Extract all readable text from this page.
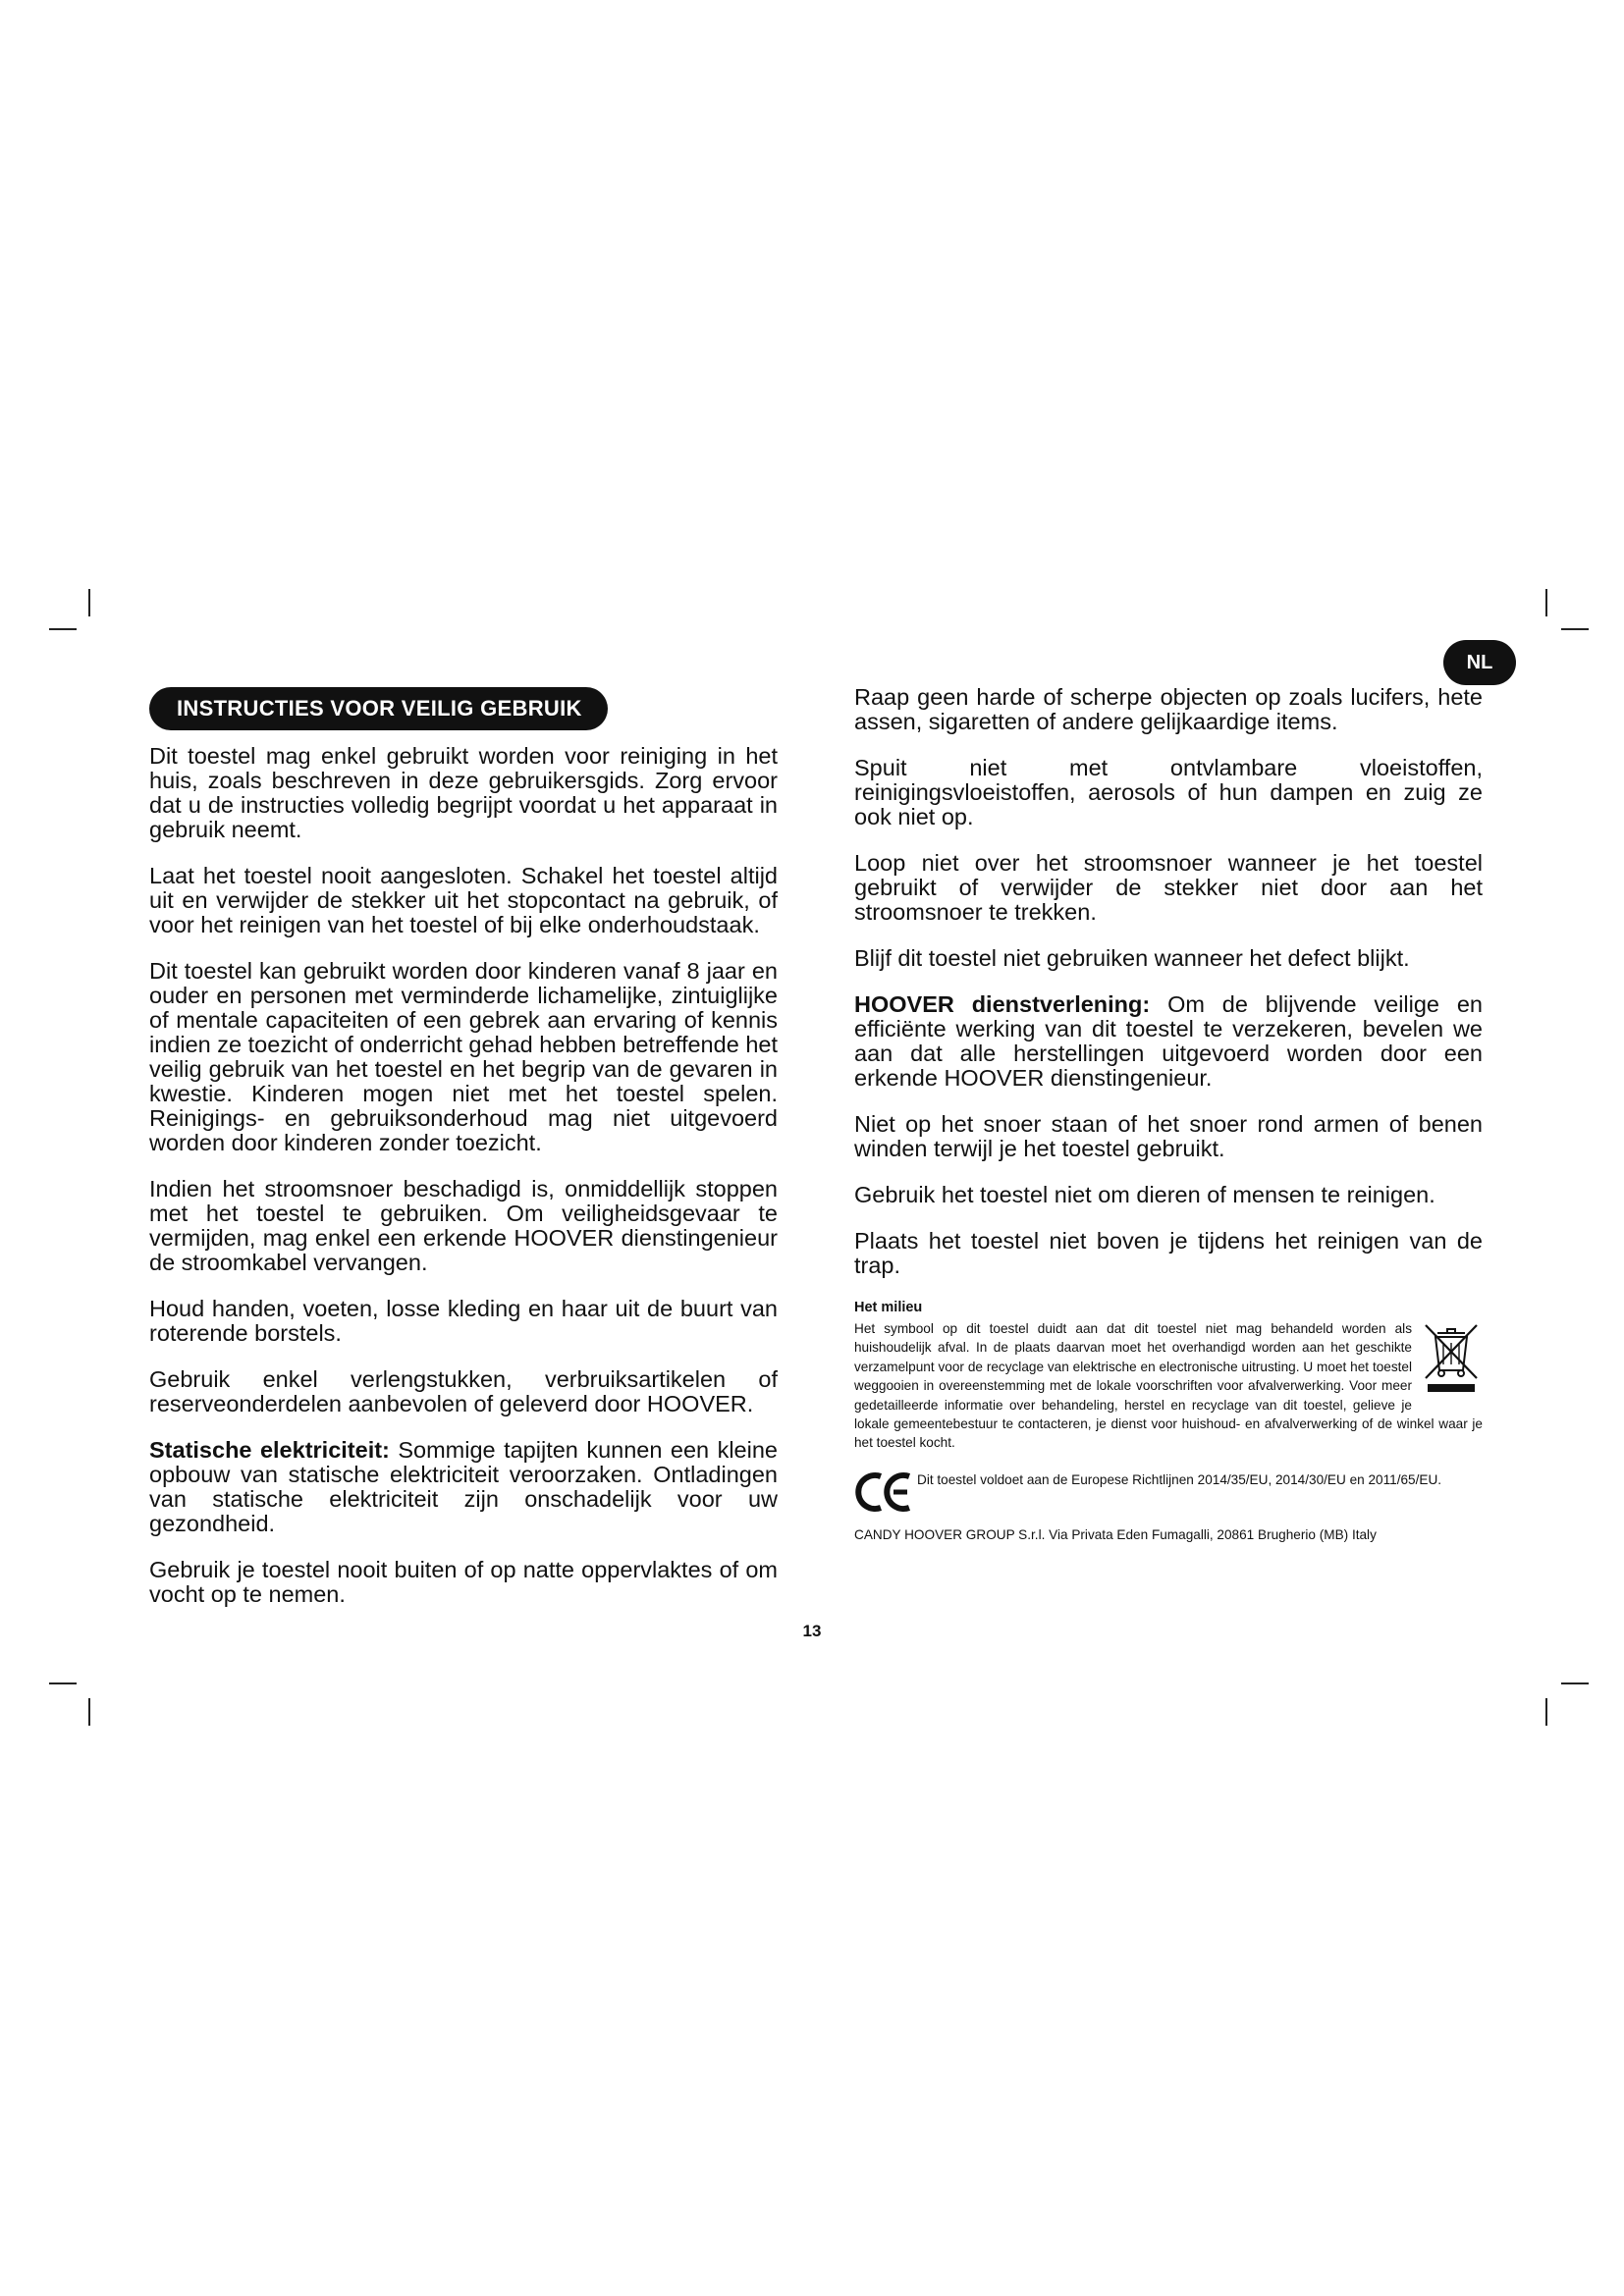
NL
INSTRUCTIES VOOR VEILIG GEBRUIK

Dit toestel mag enkel gebruikt worden voor reiniging in het huis, zoals beschreven in deze gebruikersgids. Zorg ervoor dat u de instructies volledig begrijpt voordat u het apparaat in gebruik neemt.

Laat het toestel nooit aangesloten. Schakel het toestel altijd uit en verwijder de stekker uit het stopcontact na gebruik, of voor het reinigen van het toestel of bij elke onderhoudstaak.

Dit toestel kan gebruikt worden door kinderen vanaf 8 jaar en ouder en personen met verminderde lichamelijke, zintuiglijke of mentale capaciteiten of een gebrek aan ervaring of kennis indien ze toezicht of onderricht gehad hebben betreffende het veilig gebruik van het toestel en het begrip van de gevaren in kwestie. Kinderen mogen niet met het toestel spelen. Reinigings- en gebruiksonderhoud mag niet uitgevoerd worden door kinderen zonder toezicht.

Indien het stroomsnoer beschadigd is, onmiddellijk stoppen met het toestel te gebruiken. Om veiligheidsgevaar te vermijden, mag enkel een erkende HOOVER dienstingenieur de stroomkabel vervangen.

Houd handen, voeten, losse kleding en haar uit de buurt van roterende borstels.

Gebruik enkel verlengstukken, verbruiksartikelen of reserveonderdelen aanbevolen of geleverd door HOOVER.

Statische elektriciteit: Sommige tapijten kunnen een kleine opbouw van statische elektriciteit veroorzaken. Ontladingen van statische elektriciteit zijn onschadelijk voor uw gezondheid.

Gebruik je toestel nooit buiten of op natte oppervlaktes of om vocht op te nemen.

Raap geen harde of scherpe objecten op zoals lucifers, hete assen, sigaretten of andere gelijkaardige items.

Spuit niet met ontvlambare vloeistoffen, reinigingsvloeistoffen, aerosols of hun dampen en zuig ze ook niet op.

Loop niet over het stroomsnoer wanneer je het toestel gebruikt of verwijder de stekker niet door aan het stroomsnoer te trekken.

Blijf dit toestel niet gebruiken wanneer het defect blijkt.

HOOVER dienstverlening: Om de blijvende veilige en efficiënte werking van dit toestel te verzekeren, bevelen we aan dat alle herstellingen uitgevoerd worden door een erkende HOOVER dienstingenieur.

Niet op het snoer staan of het snoer rond armen of benen winden terwijl je het toestel gebruikt.

Gebruik het toestel niet om dieren of mensen te reinigen.

Plaats het toestel niet boven je tijdens het reinigen van de trap.

Het milieu

Het symbool op dit toestel duidt aan dat dit toestel niet mag behandeld worden als huishoudelijk afval. In de plaats daarvan moet het overhandigd worden aan het geschikte verzamelpunt voor de recyclage van elektrische en electronische uitrusting. U moet het toestel weggooien in overeenstemming met de lokale voorschriften voor afvalverwerking. Voor meer gedetailleerde informatie over behandeling, herstel en recyclage van dit toestel, gelieve je lokale gemeentebestuur te contacteren, je dienst voor huishoud- en afvalverwerking of de winkel waar je het toestel kocht.

Dit toestel voldoet aan de Europese Richtlijnen 2014/35/EU, 2014/30/EU en 2011/65/EU.
CANDY HOOVER GROUP S.r.l. Via Privata Eden Fumagalli, 20861 Brugherio (MB) Italy
13
